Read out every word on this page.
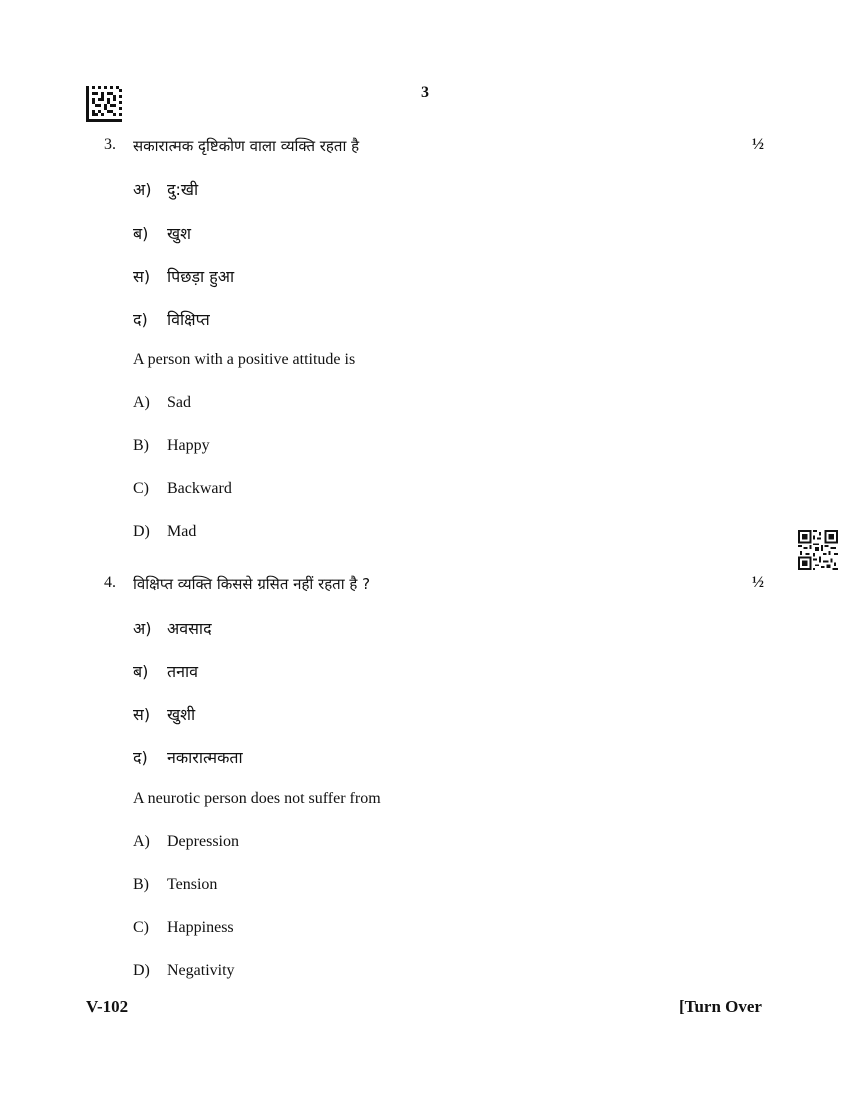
3
3. सकारात्मक दृष्टिकोण वाला व्यक्ति रहता है	½
अ) दु:खी
ब)	खुश
स)	पिछड़ा हुआ
द)	विक्षिप्त
A person with a positive attitude is
A)	Sad
B)	Happy
C)	Backward
D)	Mad
4. विक्षिप्त व्यक्ति किससे ग्रसित नहीं रहता है ?	½
अ) अवसाद
ब)	तनाव
स)	खुशी
द)	नकारात्मकता
A neurotic person does not suffer from
A)	Depression
B)	Tension
C)	Happiness
D)	Negativity
V-102	[Turn Over
